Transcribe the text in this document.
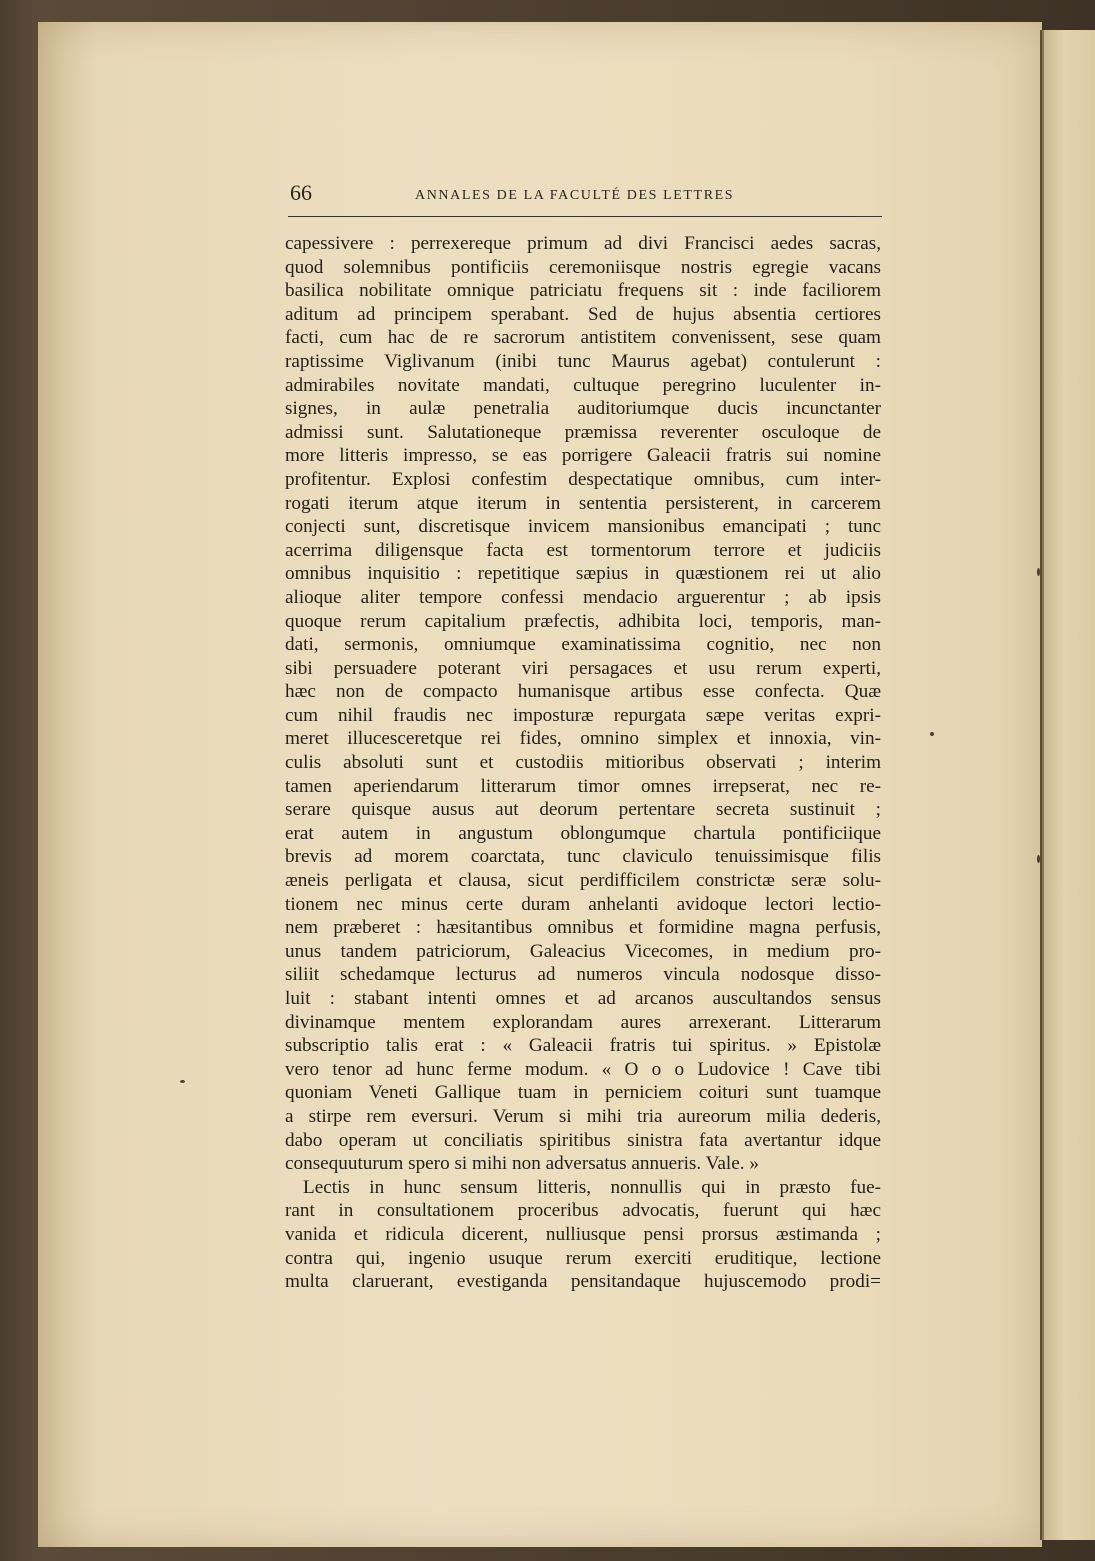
66	ANNALES DE LA FACULTÉ DES LETTRES
capessivere : perrexereque primum ad divi Francisci aedes sacras,
quod solemnibus pontificiis ceremoniisque nostris egregie vacans
basilica nobilitate omnique patriciatu frequens sit : inde faciliorem
aditum ad principem sperabant. Sed de hujus absentia certiores
facti, cum hac de re sacrorum antistitem convenissent, sese quam
raptissime Viglivanum (inibi tunc Maurus agebat) contulerunt :
admirabiles novitate mandati, cultuque peregrino luculenter in-
signes, in aulæ penetralia auditoriumque ducis incunctanter
admissi sunt. Salutationeque præmissa reverenter osculoque de
more litteris impresso, se eas porrigere Galeacii fratris sui nomine
profitentur. Explosi confestim despectatique omnibus, cum inter-
rogati iterum atque iterum in sententia persisterent, in carcerem
conjecti sunt, discretisque invicem mansionibus emancipati ; tunc
acerrima diligensque facta est tormentorum terrore et judiciis
omnibus inquisitio : repetitique sæpius in quæstionem rei ut alio
alioque aliter tempore confessi mendacio arguerentur ; ab ipsis
quoque rerum capitalium præfectis, adhibita loci, temporis, man-
dati, sermonis, omniumque examinatissima cognitio, nec non
sibi persuadere poterant viri persagaces et usu rerum experti,
hæc non de compacto humanisque artibus esse confecta. Quæ
cum nihil fraudis nec imposturæ repurgata sæpe veritas expri-
meret illucesceretque rei fides, omnino simplex et innoxia, vin-
culis absoluti sunt et custodiis mitioribus observati ; interim
tamen aperiendarum litterarum timor omnes irrepserat, nec re-
serare quisque ausus aut deorum pertentare secreta sustinuit ;
erat autem in angustum oblongumque chartula pontificiique
brevis ad morem coarctata, tunc claviculo tenuissimisque filis
æneis perligata et clausa, sicut perdifficilem constrictæ seræ solu-
tionem nec minus certe duram anhelanti avidoque lectori lectio-
nem præberet : hæsitantibus omnibus et formidine magna perfusis,
unus tandem patriciorum, Galeacius Vicecomes, in medium pro-
siliit schedamque lecturus ad numeros vincula nodosque disso-
luit : stabant intenti omnes et ad arcanos auscultandos sensus
divinamque mentem explorandam aures arrexerant. Litterarum
subscriptio talis erat : « Galeacii fratris tui spiritus. » Epistolæ
vero tenor ad hunc ferme modum. « O o o Ludovice ! Cave tibi
quoniam Veneti Gallique tuam in perniciem coituri sunt tuamque
a stirpe rem eversuri. Verum si mihi tria aureorum milia dederis,
dabo operam ut conciliatis spiritibus sinistra fata avertantur idque
consequuturum spero si mihi non adversatus annueris. Vale. »
Lectis in hunc sensum litteris, nonnullis qui in præsto fue-
rant in consultationem proceribus advocatis, fuerunt qui hæc
vanida et ridicula dicerent, nulliusque pensi prorsus æstimanda ;
contra qui, ingenio usuque rerum exerciti eruditique, lectione
multa claruerant, evestiganda pensitandaque hujuscemodo prodi=
